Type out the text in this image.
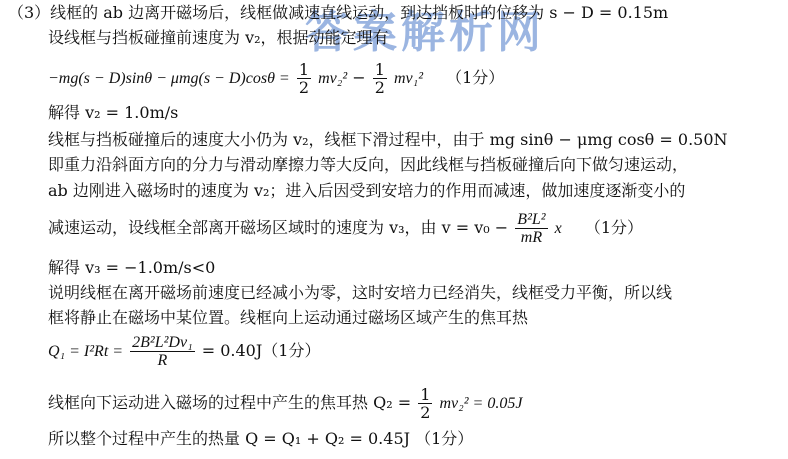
答案解析网
（3）线框的 ab 边离开磁场后，线框做减速直线运动，到达挡板时的位移为 s − D = 0.15m
设线框与挡板碰撞前速度为 v₂，根据动能定理有
$-mg(s - D)\sin\theta - \mu mg(s - D)\cos\theta = \frac{1}{2} mv_2^2 - \frac{1}{2} mv_1^2$ （1分）
解得 v₂ = 1.0m/s
线框与挡板碰撞后的速度大小仍为 v₂，线框下滑过程中，由于 mg sinθ − μmg cosθ = 0.50N
即重力沿斜面方向的分力与滑动摩擦力等大反向，因此线框与挡板碰撞后向下做匀速运动，
ab 边刚进入磁场时的速度为 v₂；进入后因受到安培力的作用而减速，做加速度逐渐变小的
减速运动，设线框全部离开磁场区域时的速度为 v₃，由 $v = v_0 - \frac{\text{B²L²}}{mR}$ x （1分）
解得 v₃ = −1.0m/s<0
说明线框在离开磁场前速度已经减小为零，这时安培力已经消失，线框受力平衡，所以线
框将静止在磁场中某位置。线框向上运动通过磁场区域产生的焦耳热
$Q_1 = I^2Rt = \frac{\text{2B²L²Dv₁}}{R} = 0.40J(1$分）
线框向下运动进入磁场的过程中产生的焦耳热 $Q_2 = \frac{1}{2} mv_2^2 = 0.05J$
所以整个过程中产生的热量 Q = Q₁ + Q₂ = 0.45J （1分）
